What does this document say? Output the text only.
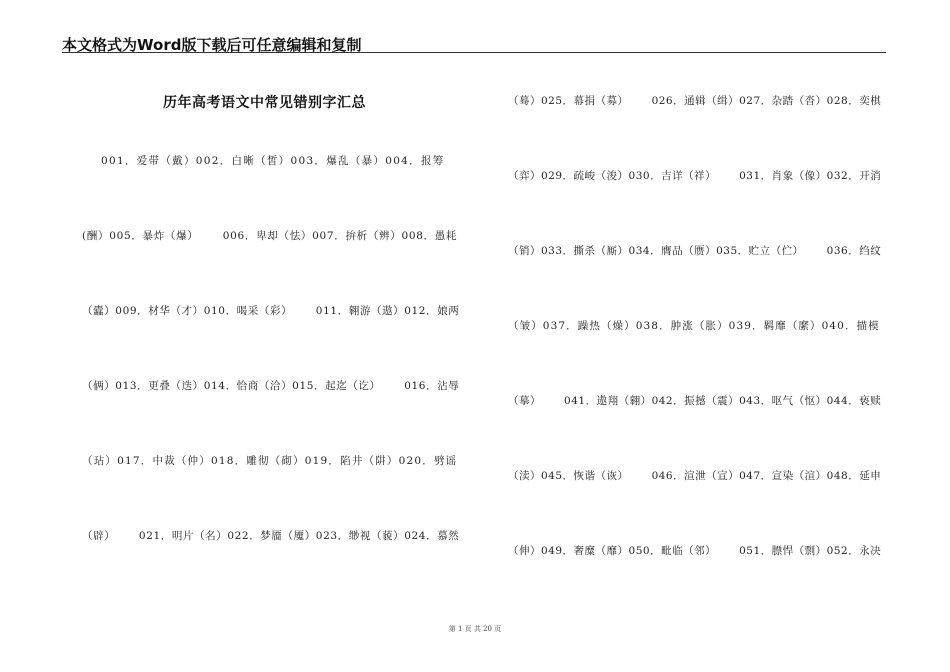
本文格式为Word版下载后可任意编辑和复制
历年高考语文中常见错别字汇总
001．爱带（戴）002．白晰（皙）003．爆乱（暴）004．报筹
(酬）005．暴炸（爆）      006．卑却（怯）007．拚析（辨）008．愚耗
（蠹）009．材华（才）010．喝采（彩）      011．翱游（遨）012．娘两
（俩）013．更叠（迭）014．恰商（洽）015．起迄（讫）      016．沾辱
（玷）017．中裁（仲）018．雕彻（砌）019．陷井（阱）020．劈谣
（辟）      021．明片（名）022．梦靥（魇）023．缈视（藐）024．慕然
（蓦）025．幕捐（募）      026．通辑（缉）027．杂踏（沓）028．奕棋
（弈）029．疏峻（浚）030．吉详（祥）      031．肖象（像）032．开消
（销）033．撕杀（厮）034．膺品（赝）035．贮立（伫）      036．绉纹
（皱）037．躁热（燥）038．肿涨（胀）039．羁靡（縻）040．描模
（摹）      041．遨翔（翱）042．振撼（震）043．呕气（怄）044．亵赎
（渎）045．恢谐（诙）      046．渲泄（宣）047．宣染（渲）048．延申
（伸）049．奢糜（靡）050．毗临（邻）      051．膘悍（剽）052．永决
第 1 页 共 20 页
